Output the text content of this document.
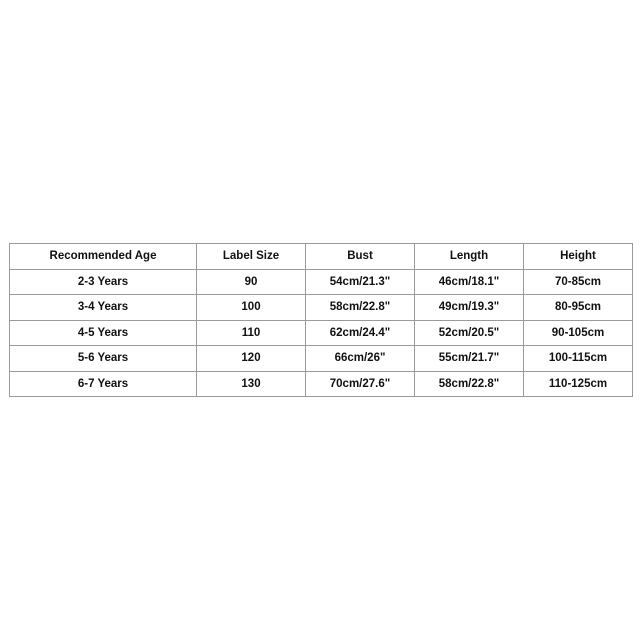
Recommended Age	Label Size	Bust	Length	Height
2-3 Years	90	54cm/21.3"	46cm/18.1"	70-85cm
3-4 Years	100	58cm/22.8"	49cm/19.3"	80-95cm
4-5 Years	110	62cm/24.4"	52cm/20.5"	90-105cm
5-6 Years	120	66cm/26"	55cm/21.7"	100-115cm
6-7 Years	130	70cm/27.6"	58cm/22.8"	110-125cm
